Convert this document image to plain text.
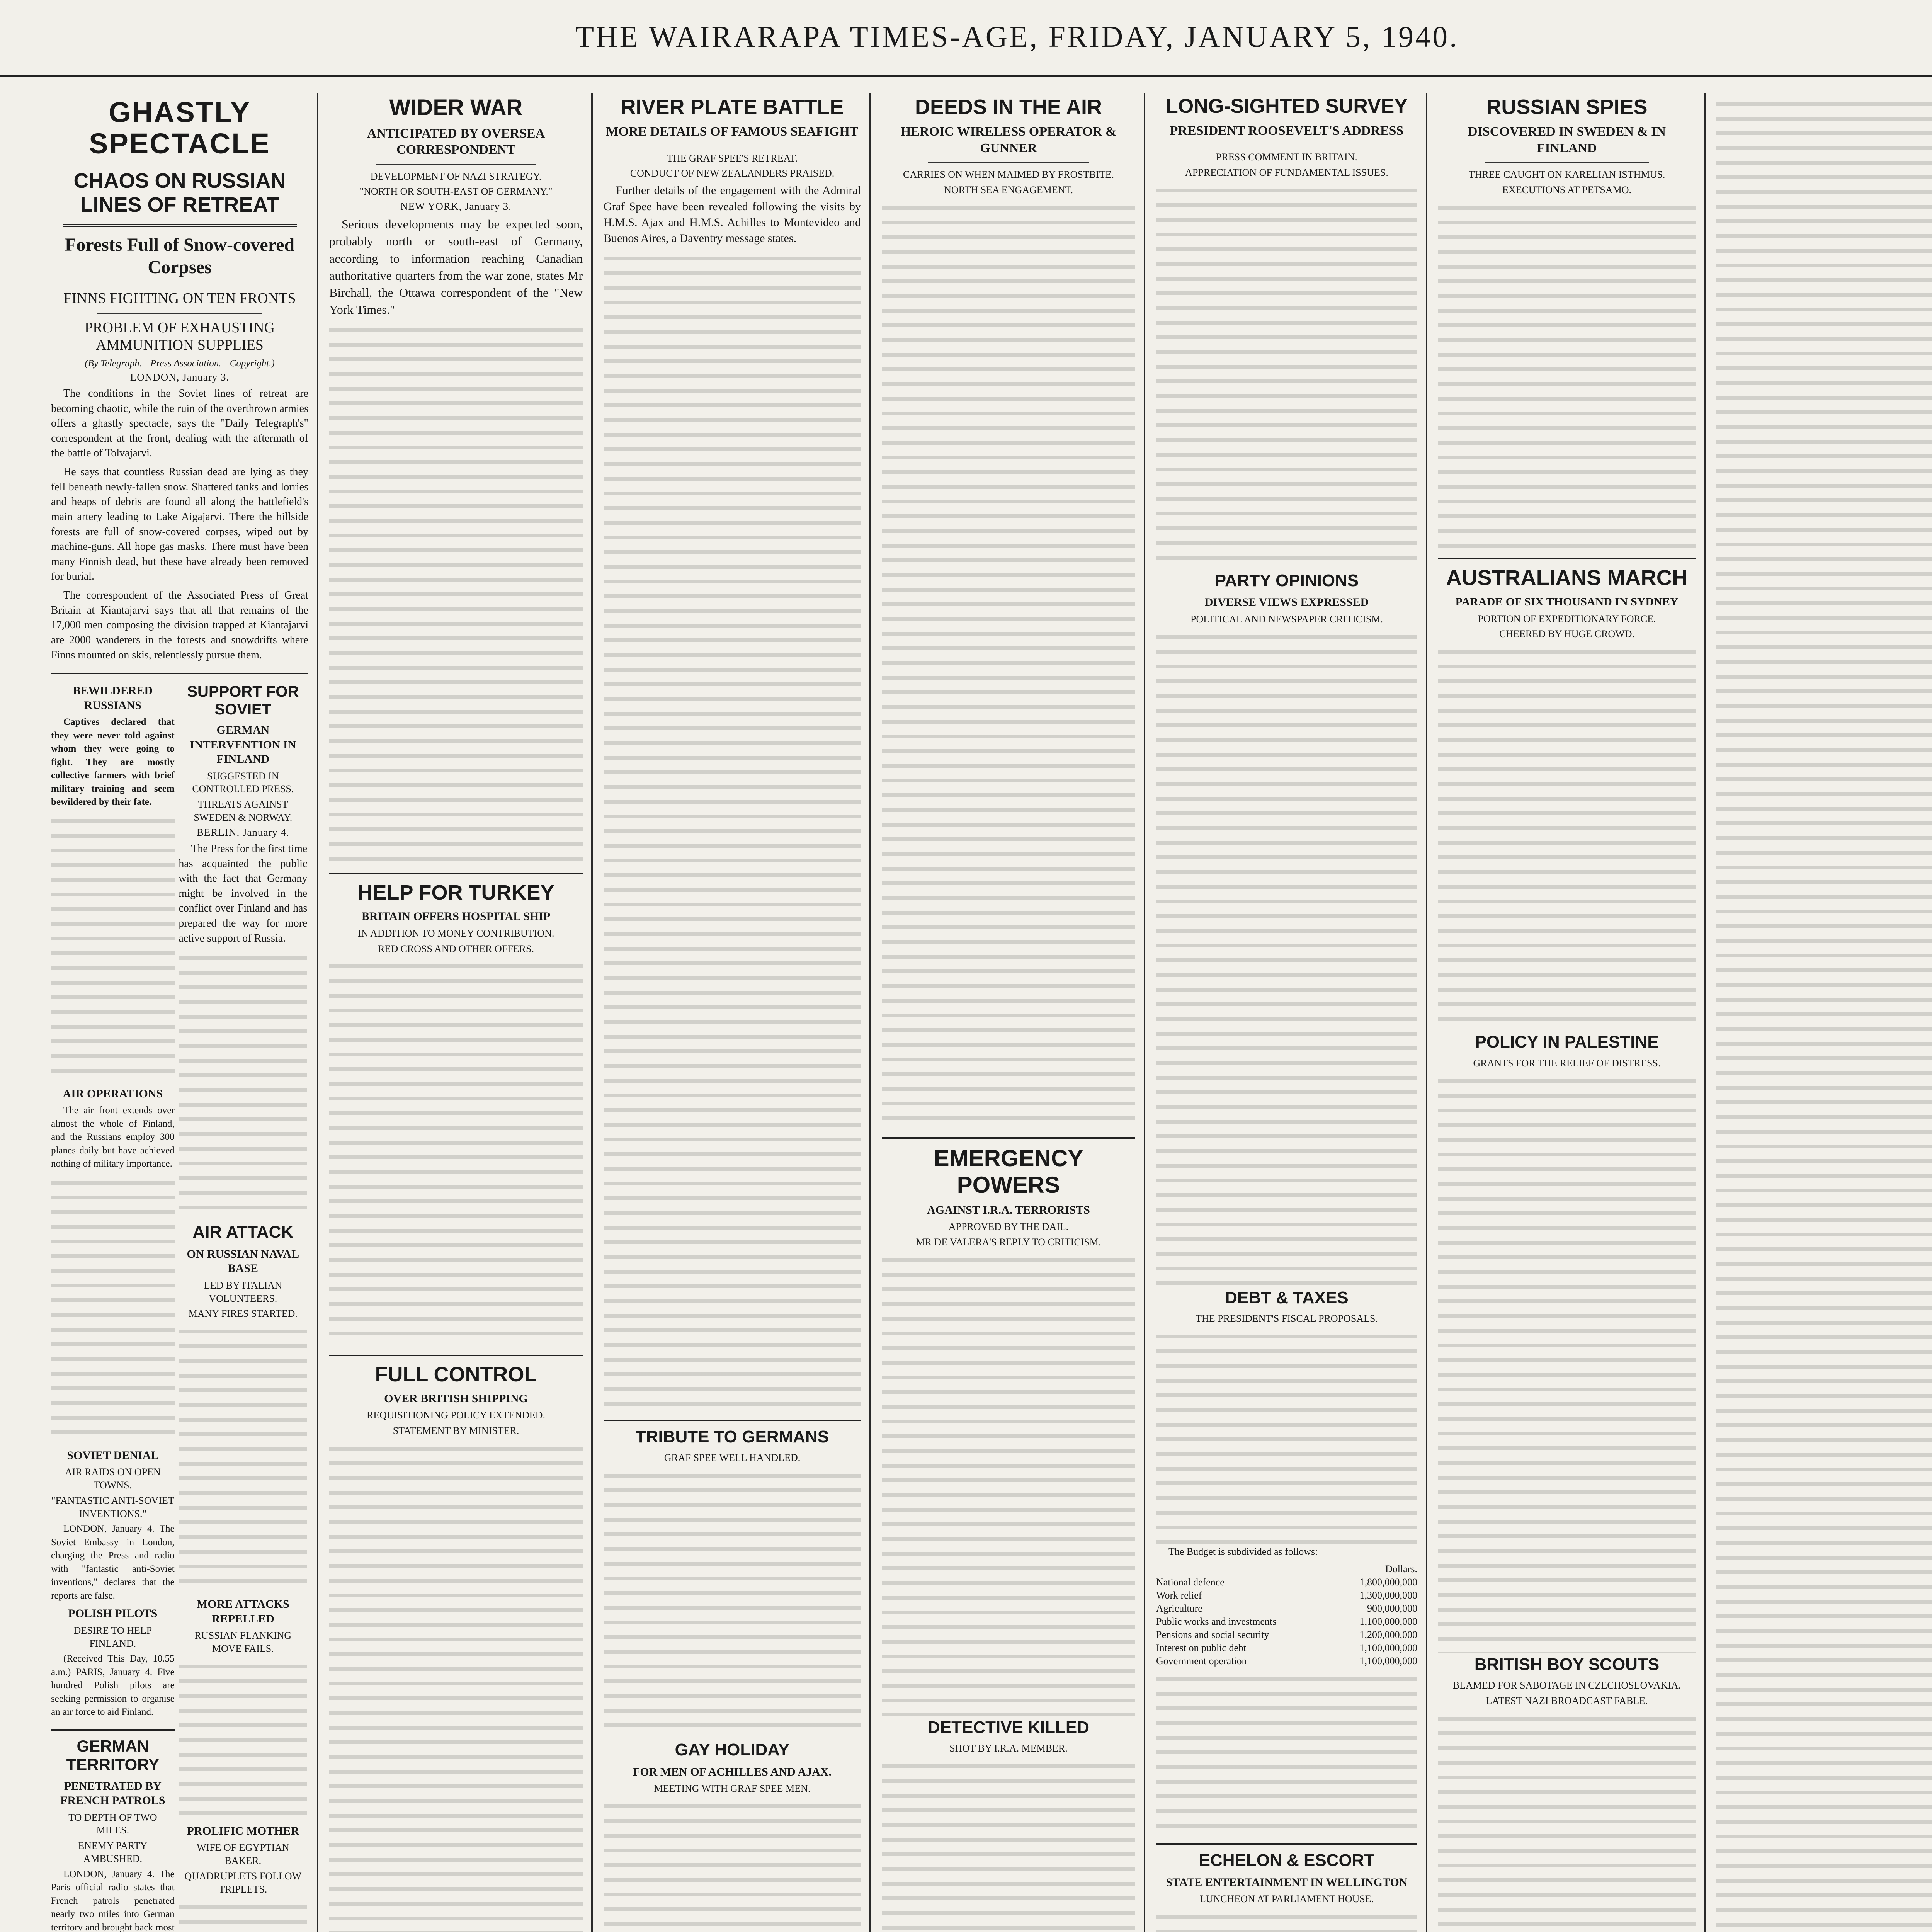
THE WAIRARAPA TIMES-AGE, FRIDAY, JANUARY 5, 1940.
GHASTLY SPECTACLE
CHAOS ON RUSSIAN LINES OF RETREAT
Forests Full of Snow-covered Corpses
FINNS FIGHTING ON TEN FRONTS
PROBLEM OF EXHAUSTING AMMUNITION SUPPLIES
(By Telegraph.—Press Association.—Copyright.)
LONDON, January 3.

The conditions in the Soviet lines of retreat are becoming chaotic, while the ruin of the overthrown armies offers a ghastly spectacle, says the "Daily Telegraph's" correspondent at the front, dealing with the aftermath of the battle of Tolvajarvi.

He says that countless Russian dead are lying as they fell beneath newly-fallen snow. Shattered tanks and lorries and heaps of debris are found all along the battlefield's main artery leading to Lake Aigajarvi. There the hillside forests are full of snow-covered corpses, wiped out by machine-guns. All hope gas masks. There must have been many Finnish dead, but these have already been removed for burial.

The correspondent of the Associated Press of Great Britain at Kiantajarvi says that all that remains of the 17,000 men composing the division trapped at Kiantajarvi are 2000 wanderers in the forests and snowdrifts where Finns mounted on skis, relentlessly pursue them.

BEWILDERED RUSSIANS

Captives declared that they were never told against whom they were going to fight. They are mostly collective farmers with brief military training and seem bewildered by their fate.

AIR OPERATIONS

The air front extends over almost the whole of Finland, and the Russians employ 300 planes daily but have achieved nothing of military importance.

SOVIET DENIAL
AIR RAIDS ON OPEN TOWNS.
"FANTASTIC ANTI-SOVIET INVENTIONS."

LONDON, January 4. The Soviet Embassy in London, charging the Press and radio with "fantastic anti-Soviet inventions," declares that the reports are false.

POLISH PILOTS
DESIRE TO HELP FINLAND.

(Received This Day, 10.55 a.m.) PARIS, January 4. Five hundred Polish pilots are seeking permission to organise an air force to aid Finland.

GERMAN TERRITORY
PENETRATED BY FRENCH PATROLS
TO DEPTH OF TWO MILES.
ENEMY PARTY AMBUSHED.

LONDON, January 4. The Paris official radio states that French patrols penetrated nearly two miles into German territory and brought back most

SUPPORT FOR SOVIET
GERMAN INTERVENTION IN FINLAND
SUGGESTED IN CONTROLLED PRESS.
THREATS AGAINST SWEDEN & NORWAY.
BERLIN, January 4.

The Press for the first time has acquainted the public with the fact that Germany might be involved in the conflict over Finland and has prepared the way for more active support of Russia.

AIR ATTACK
ON RUSSIAN NAVAL BASE
LED BY ITALIAN VOLUNTEERS.
MANY FIRES STARTED.
MORE ATTACKS REPELLED
RUSSIAN FLANKING MOVE FAILS.
PROLIFIC MOTHER
WIFE OF EGYPTIAN BAKER.
QUADRUPLETS FOLLOW TRIPLETS.
WIDER WAR
ANTICIPATED BY OVERSEA CORRESPONDENT
DEVELOPMENT OF NAZI STRATEGY.
"NORTH OR SOUTH-EAST OF GERMANY."
NEW YORK, January 3.

Serious developments may be expected soon, probably north or south-east of Germany, according to information reaching Canadian authoritative quarters from the war zone, states Mr Birchall, the Ottawa correspondent of the "New York Times."

HELP FOR TURKEY
BRITAIN OFFERS HOSPITAL SHIP
IN ADDITION TO MONEY CONTRIBUTION.
RED CROSS AND OTHER OFFERS.
FULL CONTROL
OVER BRITISH SHIPPING
REQUISITIONING POLICY EXTENDED.
STATEMENT BY MINISTER.
RIVER PLATE BATTLE
MORE DETAILS OF FAMOUS SEAFIGHT
THE GRAF SPEE'S RETREAT.
CONDUCT OF NEW ZEALANDERS PRAISED.

Further details of the engagement with the Admiral Graf Spee have been revealed following the visits by H.M.S. Ajax and H.M.S. Achilles to Montevideo and Buenos Aires, a Daventry message states.

TRIBUTE TO GERMANS
GRAF SPEE WELL HANDLED.
GAY HOLIDAY
FOR MEN OF ACHILLES AND AJAX.
MEETING WITH GRAF SPEE MEN.
DEEDS IN THE AIR
HEROIC WIRELESS OPERATOR & GUNNER
CARRIES ON WHEN MAIMED BY FROSTBITE.
NORTH SEA ENGAGEMENT.
EMERGENCY POWERS
AGAINST I.R.A. TERRORISTS
APPROVED BY THE DAIL.
MR DE VALERA'S REPLY TO CRITICISM.
DETECTIVE KILLED
SHOT BY I.R.A. MEMBER.
LONG-SIGHTED SURVEY
PRESIDENT ROOSEVELT'S ADDRESS
PRESS COMMENT IN BRITAIN.
APPRECIATION OF FUNDAMENTAL ISSUES.
PARTY OPINIONS
DIVERSE VIEWS EXPRESSED
POLITICAL AND NEWSPAPER CRITICISM.
DEBT & TAXES
THE PRESIDENT'S FISCAL PROPOSALS.

The Budget is subdivided as follows:

	Dollars.
National defence	1,800,000,000
Work relief	1,300,000,000
Agriculture	900,000,000
Public works and investments	1,100,000,000
Pensions and social security	1,200,000,000
Interest on public debt	1,100,000,000
Government operation	1,100,000,000
ECHELON & ESCORT
STATE ENTERTAINMENT IN WELLINGTON
LUNCHEON AT PARLIAMENT HOUSE.
RUSSIAN SPIES
DISCOVERED IN SWEDEN & IN FINLAND
THREE CAUGHT ON KARELIAN ISTHMUS.
EXECUTIONS AT PETSAMO.
AUSTRALIANS MARCH
PARADE OF SIX THOUSAND IN SYDNEY
PORTION OF EXPEDITIONARY FORCE.
CHEERED BY HUGE CROWD.
POLICY IN PALESTINE
GRANTS FOR THE RELIEF OF DISTRESS.
BRITISH BOY SCOUTS
BLAMED FOR SABOTAGE IN CZECHOSLOVAKIA.
LATEST NAZI BROADCAST FABLE.
